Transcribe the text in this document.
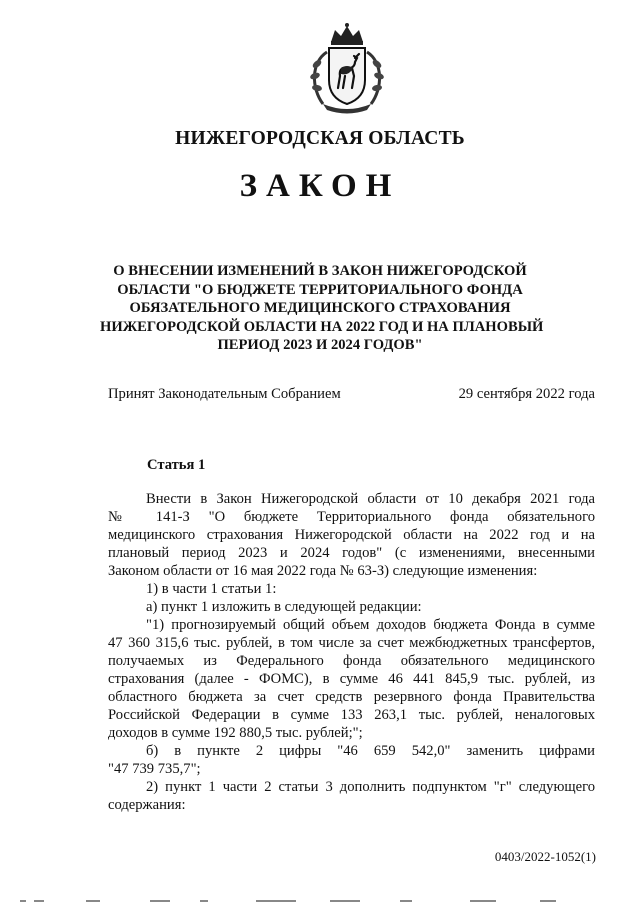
НИЖЕГОРОДСКАЯ ОБЛАСТЬ
ЗАКОН
О ВНЕСЕНИИ ИЗМЕНЕНИЙ В ЗАКОН НИЖЕГОРОДСКОЙ
ОБЛАСТИ "О БЮДЖЕТЕ ТЕРРИТОРИАЛЬНОГО ФОНДА
ОБЯЗАТЕЛЬНОГО МЕДИЦИНСКОГО СТРАХОВАНИЯ
НИЖЕГОРОДСКОЙ ОБЛАСТИ НА 2022 ГОД И НА ПЛАНОВЫЙ
ПЕРИОД 2023 И 2024 ГОДОВ"
Принят Законодательным Собранием	29 сентября 2022 года
Статья 1
Внести в Закон Нижегородской области от 10 декабря 2021 года
№ 141-З "О бюджете Территориального фонда обязательного
медицинского страхования Нижегородской области на 2022 год и на
плановый период 2023 и 2024 годов" (с изменениями, внесенными
Законом области от 16 мая 2022 года № 63-З) следующие изменения:
1) в части 1 статьи 1:
а) пункт 1 изложить в следующей редакции:
"1) прогнозируемый общий объем доходов бюджета Фонда в сумме
47 360 315,6 тыс. рублей, в том числе за счет межбюджетных трансфертов,
получаемых из Федерального фонда обязательного медицинского
страхования (далее - ФОМС), в сумме 46 441 845,9 тыс. рублей, из
областного бюджета за счет средств резервного фонда Правительства
Российской Федерации в сумме 133 263,1 тыс. рублей, неналоговых
доходов в сумме 192 880,5 тыс. рублей;";
б) в пункте 2 цифры "46 659 542,0" заменить цифрами
"47 739 735,7";
2) пункт 1 части 2 статьи 3 дополнить подпунктом "г" следующего
содержания:
0403/2022-1052(1)
